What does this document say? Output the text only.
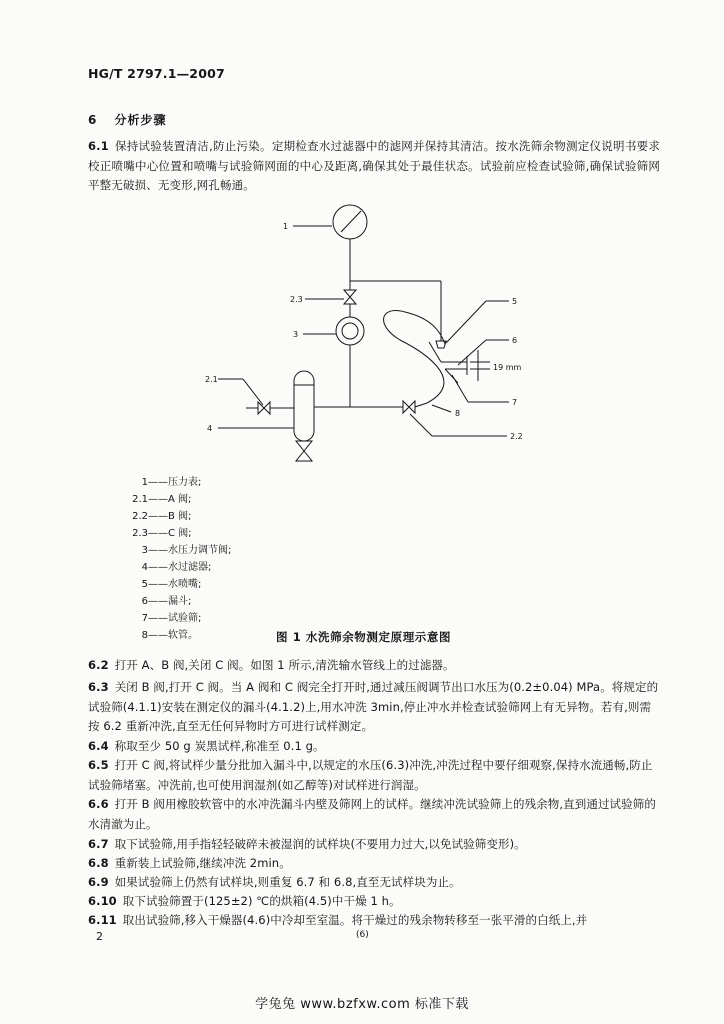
HG/T 2797.1—2007
6 分析步骤
6.1 保持试验装置清洁,防止污染。定期检查水过滤器中的滤网并保持其清洁。按水洗筛余物测定仪说明书要求校正喷嘴中心位置和喷嘴与试验筛网面的中心及距离,确保其处于最佳状态。试验前应检查试验筛,确保试验筛网平整无破损、无变形,网孔畅通。
1
2.3
3
2.1
4
5
6
19 mm
7
8
2.2
1——压力表;
2.1——A 阀;
2.2——B 阀;
2.3——C 阀;
3——水压力调节阀;
4——水过滤器;
5——水喷嘴;
6——漏斗;
7——试验筛;
8——软管。	图 1 水洗筛余物测定原理示意图
6.2 打开 A、B 阀,关闭 C 阀。如图 1 所示,清洗输水管线上的过滤器。
6.3 关闭 B 阀,打开 C 阀。当 A 阀和 C 阀完全打开时,通过减压阀调节出口水压为(0.2±0.04) MPa。将规定的试验筛(4.1.1)安装在测定仪的漏斗(4.1.2)上,用水冲洗 3min,停止冲水并检查试验筛网上有无异物。若有,则需按 6.2 重新冲洗,直至无任何异物时方可进行试样测定。
6.4 称取至少 50 g 炭黑试样,称准至 0.1 g。
6.5 打开 C 阀,将试样少量分批加入漏斗中,以规定的水压(6.3)冲洗,冲洗过程中要仔细观察,保持水流通畅,防止试验筛堵塞。冲洗前,也可使用润湿剂(如乙醇等)对试样进行润湿。
6.6 打开 B 阀用橡胶软管中的水冲洗漏斗内壁及筛网上的试样。继续冲洗试验筛上的残余物,直到通过试验筛的水清澈为止。
6.7 取下试验筛,用手指轻轻破碎未被湿润的试样块(不要用力过大,以免试验筛变形)。
6.8 重新装上试验筛,继续冲洗 2min。
6.9 如果试验筛上仍然有试样块,则重复 6.7 和 6.8,直至无试样块为止。
6.10 取下试验筛置于(125±2) ℃的烘箱(4.5)中干燥 1 h。
6.11 取出试验筛,移入干燥器(4.6)中冷却至室温。将干燥过的残余物转移至一张平滑的白纸上,并
2	(6)
学兔兔 www.bzfxw.com 标准下载
